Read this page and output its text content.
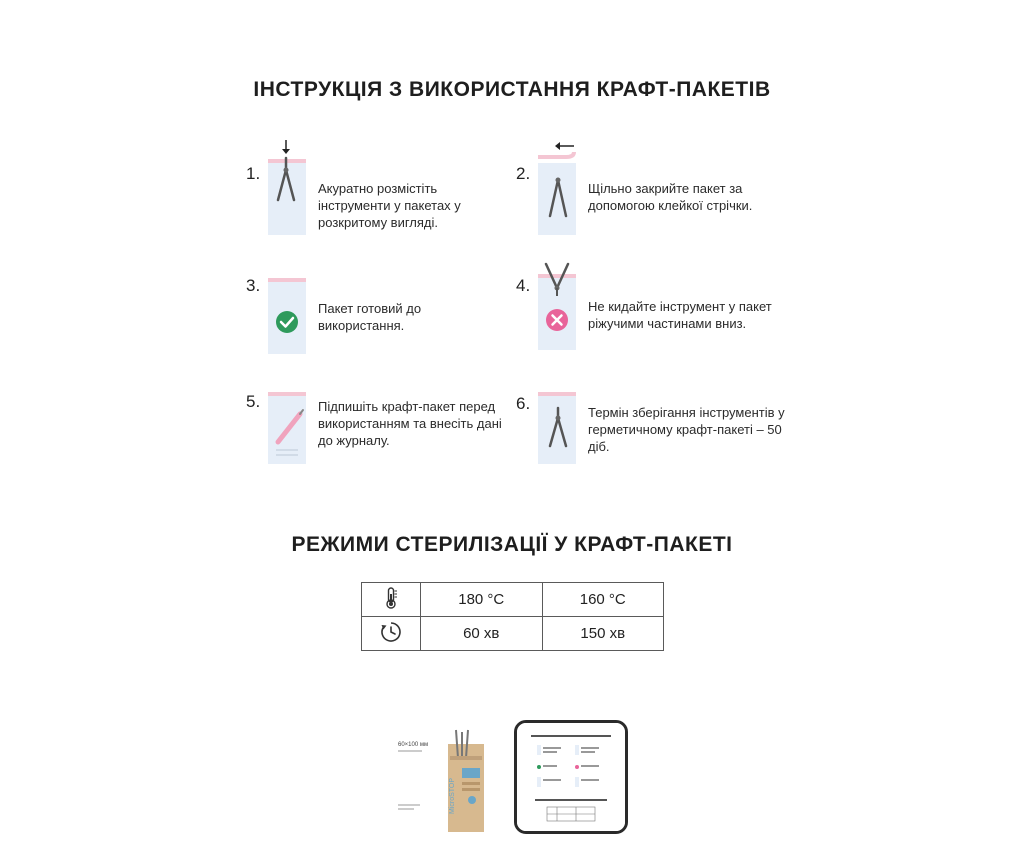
ІНСТРУКЦІЯ З ВИКОРИСТАННЯ КРАФТ-ПАКЕТІВ
1.
Акуратно розмістіть інструменти у пакетах у розкритому вигляді.
2.
Щільно закрийте пакет за допомогою клейкої стрічки.
3.
Пакет готовий до використання.
4.
Не кидайте інструмент у пакет ріжучими частинами вниз.
5.	Підпишіть крафт-пакет перед використанням та внесіть дані до журналу.
6.	Термін зберігання інструментів у герметичному крафт-пакеті – 50 діб.
РЕЖИМИ СТЕРИЛІЗАЦІЇ У КРАФТ-ПАКЕТІ
	180 °C	160 °C
	60 хв	150 хв
60×100 мм
MicroSTOP
